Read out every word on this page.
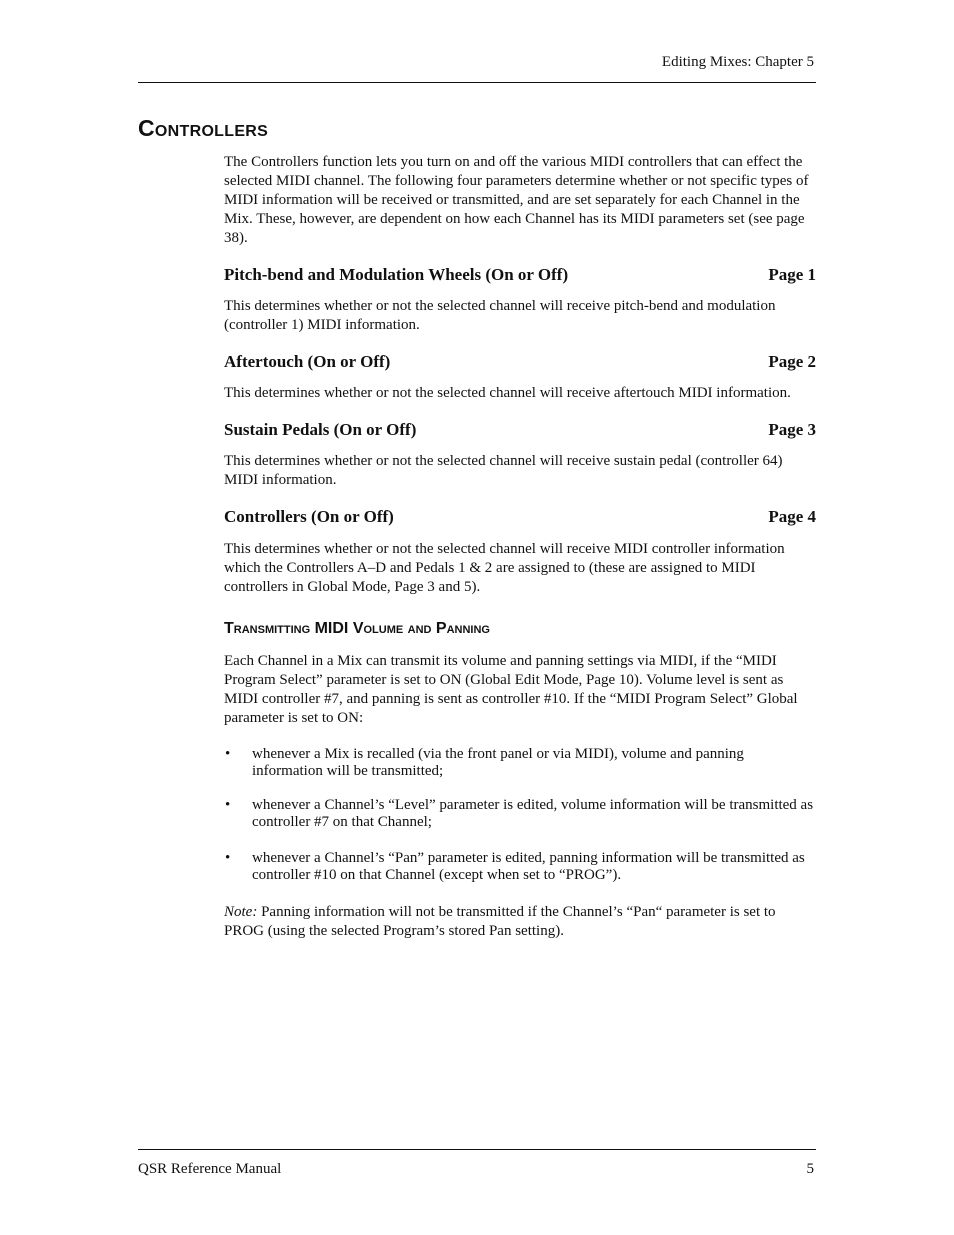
Editing Mixes: Chapter 5
Controllers

The Controllers function lets you turn on and off the various MIDI controllers that can effect the selected MIDI channel. The following four parameters determine whether or not specific types of MIDI information will be received or transmitted, and are set separately for each Channel in the Mix. These, however, are dependent on how each Channel has its MIDI parameters set (see page 38).

Pitch-bend and Modulation Wheels (On or Off)	Page 1

This determines whether or not the selected channel will receive pitch-bend and modulation (controller 1) MIDI information.

Aftertouch (On or Off)	Page 2

This determines whether or not the selected channel will receive aftertouch MIDI information.

Sustain Pedals (On or Off)	Page 3

This determines whether or not the selected channel will receive sustain pedal (controller 64) MIDI information.

Controllers (On or Off)	Page 4

This determines whether or not the selected channel will receive MIDI controller information which the Controllers A–D and Pedals 1 & 2 are assigned to (these are assigned to MIDI controllers in Global Mode, Page 3 and 5).

Transmitting MIDI Volume and Panning

Each Channel in a Mix can transmit its volume and panning settings via MIDI, if the “MIDI Program Select” parameter is set to ON (Global Edit Mode, Page 10). Volume level is sent as MIDI controller #7, and panning is sent as controller #10. If the “MIDI Program Select” Global parameter is set to ON:

• whenever a Mix is recalled (via the front panel or via MIDI), volume and panning information will be transmitted;
• whenever a Channel’s “Level” parameter is edited, volume information will be transmitted as controller #7 on that Channel;
• whenever a Channel’s “Pan” parameter is edited, panning information will be transmitted as controller #10 on that Channel (except when set to “PROG”).

Note: Panning information will not be transmitted if the Channel’s “Pan“ parameter is set to PROG (using the selected Program’s stored Pan setting).

QSR Reference Manual	5
